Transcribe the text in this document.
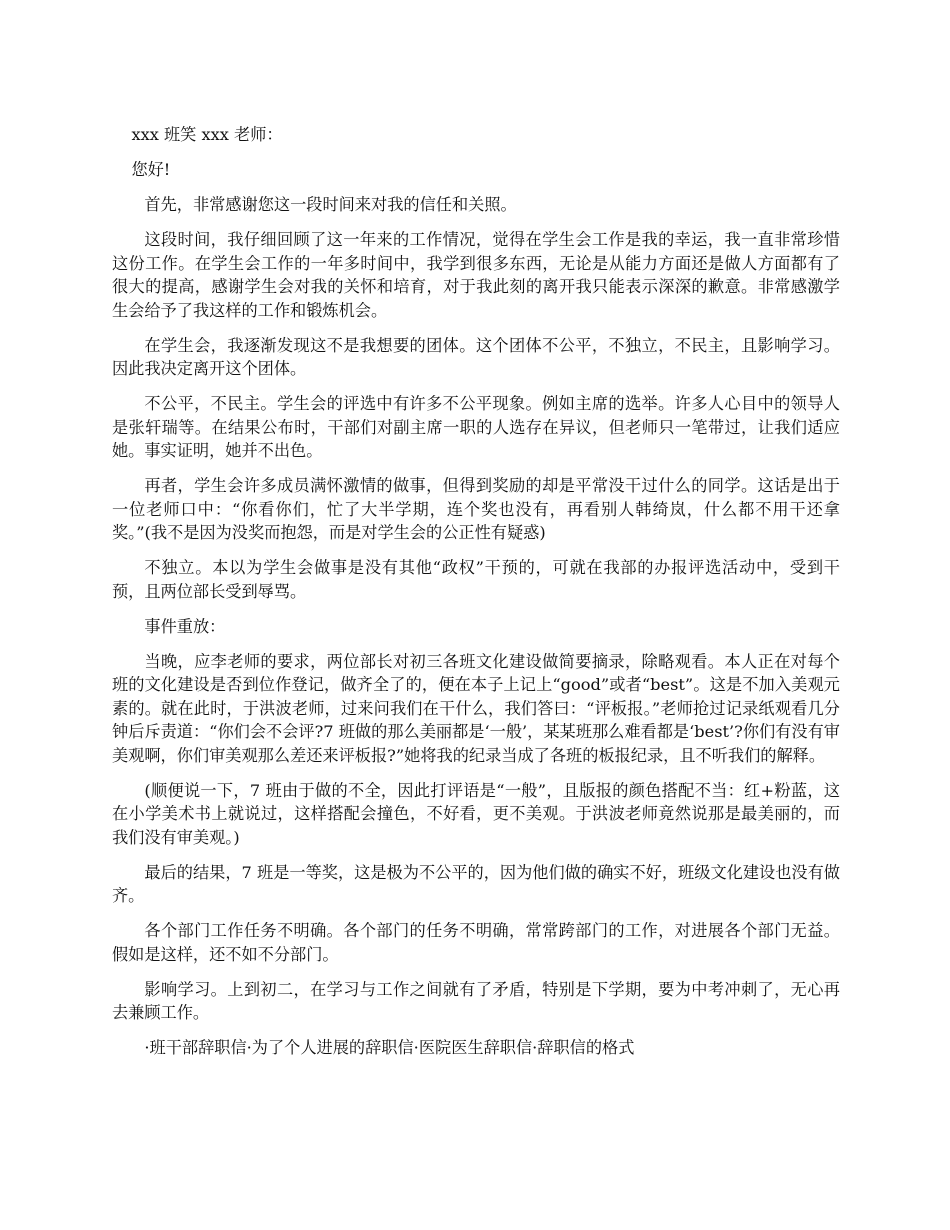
xxx 班笑 xxx 老师：

您好!

首先，非常感谢您这一段时间来对我的信任和关照。

这段时间，我仔细回顾了这一年来的工作情况，觉得在学生会工作是我的幸运，我一直非常珍惜这份工作。在学生会工作的一年多时间中，我学到很多东西，无论是从能力方面还是做人方面都有了很大的提高，感谢学生会对我的关怀和培育，对于我此刻的离开我只能表示深深的歉意。非常感激学生会给予了我这样的工作和锻炼机会。

在学生会，我逐渐发现这不是我想要的团体。这个团体不公平，不独立，不民主，且影响学习。因此我决定离开这个团体。

不公平，不民主。学生会的评选中有许多不公平现象。例如主席的选举。许多人心目中的领导人是张轩瑞等。在结果公布时，干部们对副主席一职的人选存在异议，但老师只一笔带过，让我们适应她。事实证明，她并不出色。

再者，学生会许多成员满怀激情的做事，但得到奖励的却是平常没干过什么的同学。这话是出于一位老师口中：“你看你们，忙了大半学期，连个奖也没有，再看别人韩绮岚，什么都不用干还拿奖。”(我不是因为没奖而抱怨，而是对学生会的公正性有疑惑)

不独立。本以为学生会做事是没有其他“政权”干预的，可就在我部的办报评选活动中，受到干预，且两位部长受到辱骂。

事件重放：

当晚，应李老师的要求，两位部长对初三各班文化建设做简要摘录，除略观看。本人正在对每个班的文化建设是否到位作登记，做齐全了的，便在本子上记上“good”或者“best”。这是不加入美观元素的。就在此时，于洪波老师，过来问我们在干什么，我们答曰：“评板报。”老师抢过记录纸观看几分钟后斥责道：“你们会不会评?7 班做的那么美丽都是‘一般’，某某班那么难看都是‘best’?你们有没有审美观啊，你们审美观那么差还来评板报?”她将我的纪录当成了各班的板报纪录，且不听我们的解释。

(顺便说一下，7 班由于做的不全，因此打评语是“一般”，且版报的颜色搭配不当：红+粉蓝，这在小学美术书上就说过，这样搭配会撞色，不好看，更不美观。于洪波老师竟然说那是最美丽的，而我们没有审美观。)

最后的结果，7 班是一等奖，这是极为不公平的，因为他们做的确实不好，班级文化建设也没有做齐。

各个部门工作任务不明确。各个部门的任务不明确，常常跨部门的工作，对进展各个部门无益。假如是这样，还不如不分部门。

影响学习。上到初二，在学习与工作之间就有了矛盾，特别是下学期，要为中考冲刺了，无心再去兼顾工作。

·班干部辞职信·为了个人进展的辞职信·医院医生辞职信·辞职信的格式
